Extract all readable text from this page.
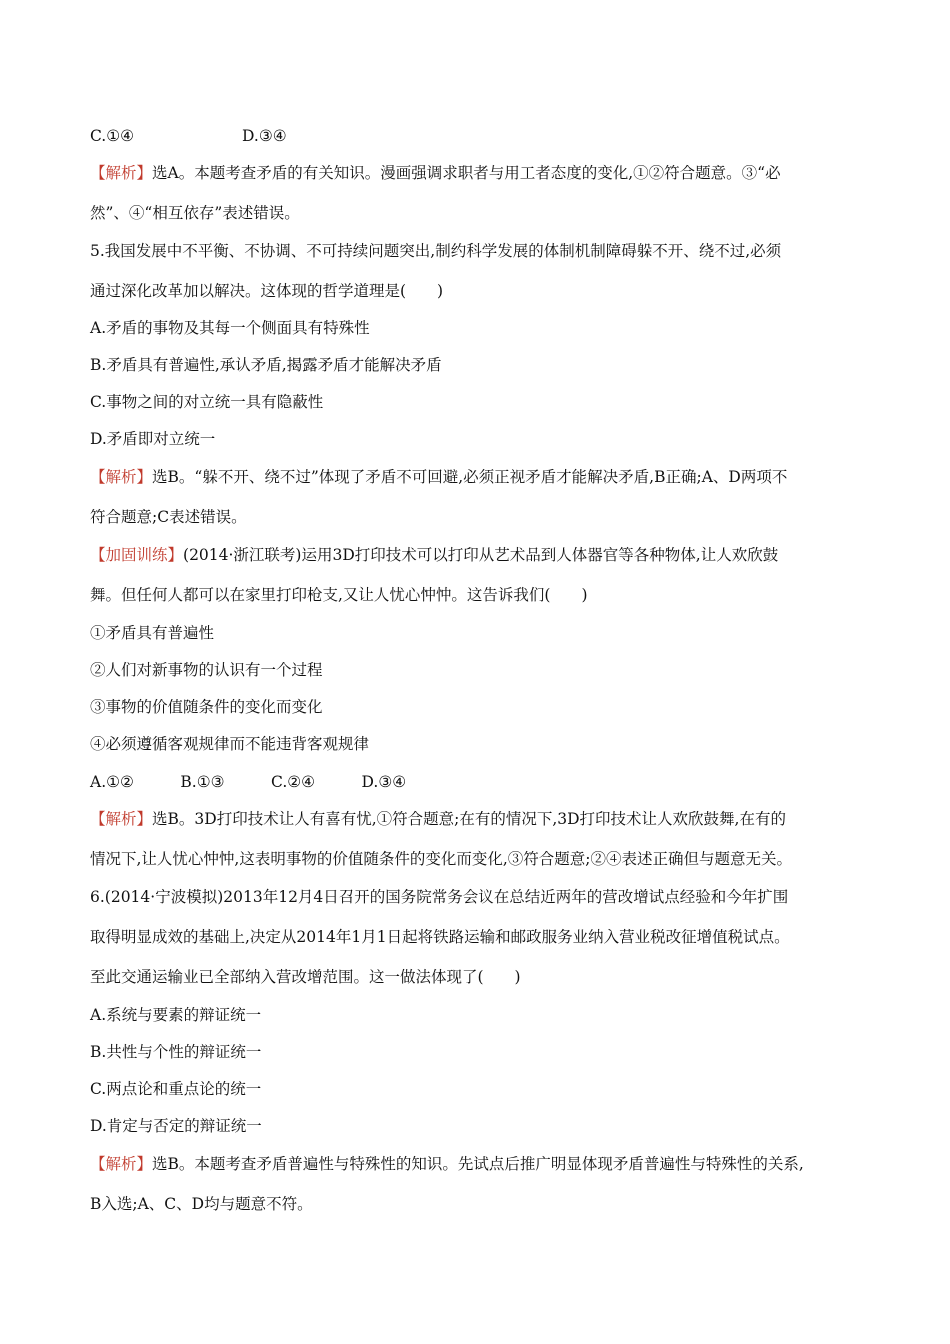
C.①④	D.③④
【解析】选A。本题考查矛盾的有关知识。漫画强调求职者与用工者态度的变化,①②符合题意。③“必
然”、④“相互依存”表述错误。
5.我国发展中不平衡、不协调、不可持续问题突出,制约科学发展的体制机制障碍躲不开、绕不过,必须
通过深化改革加以解决。这体现的哲学道理是(　　)
A.矛盾的事物及其每一个侧面具有特殊性
B.矛盾具有普遍性,承认矛盾,揭露矛盾才能解决矛盾
C.事物之间的对立统一具有隐蔽性
D.矛盾即对立统一
【解析】选B。“躲不开、绕不过”体现了矛盾不可回避,必须正视矛盾才能解决矛盾,B正确;A、D两项不
符合题意;C表述错误。
【加固训练】(2014·浙江联考)运用3D打印技术可以打印从艺术品到人体器官等各种物体,让人欢欣鼓
舞。但任何人都可以在家里打印枪支,又让人忧心忡忡。这告诉我们(　　)
①矛盾具有普遍性
②人们对新事物的认识有一个过程
③事物的价值随条件的变化而变化
④必须遵循客观规律而不能违背客观规律
A.①②　　　B.①③　　　C.②④　　　D.③④
【解析】选B。3D打印技术让人有喜有忧,①符合题意;在有的情况下,3D打印技术让人欢欣鼓舞,在有的
情况下,让人忧心忡忡,这表明事物的价值随条件的变化而变化,③符合题意;②④表述正确但与题意无关。
6.(2014·宁波模拟)2013年12月4日召开的国务院常务会议在总结近两年的营改增试点经验和今年扩围
取得明显成效的基础上,决定从2014年1月1日起将铁路运输和邮政服务业纳入营业税改征增值税试点。
至此交通运输业已全部纳入营改增范围。这一做法体现了(　　)
A.系统与要素的辩证统一
B.共性与个性的辩证统一
C.两点论和重点论的统一
D.肯定与否定的辩证统一
【解析】选B。本题考查矛盾普遍性与特殊性的知识。先试点后推广明显体现矛盾普遍性与特殊性的关系,
B入选;A、C、D均与题意不符。
